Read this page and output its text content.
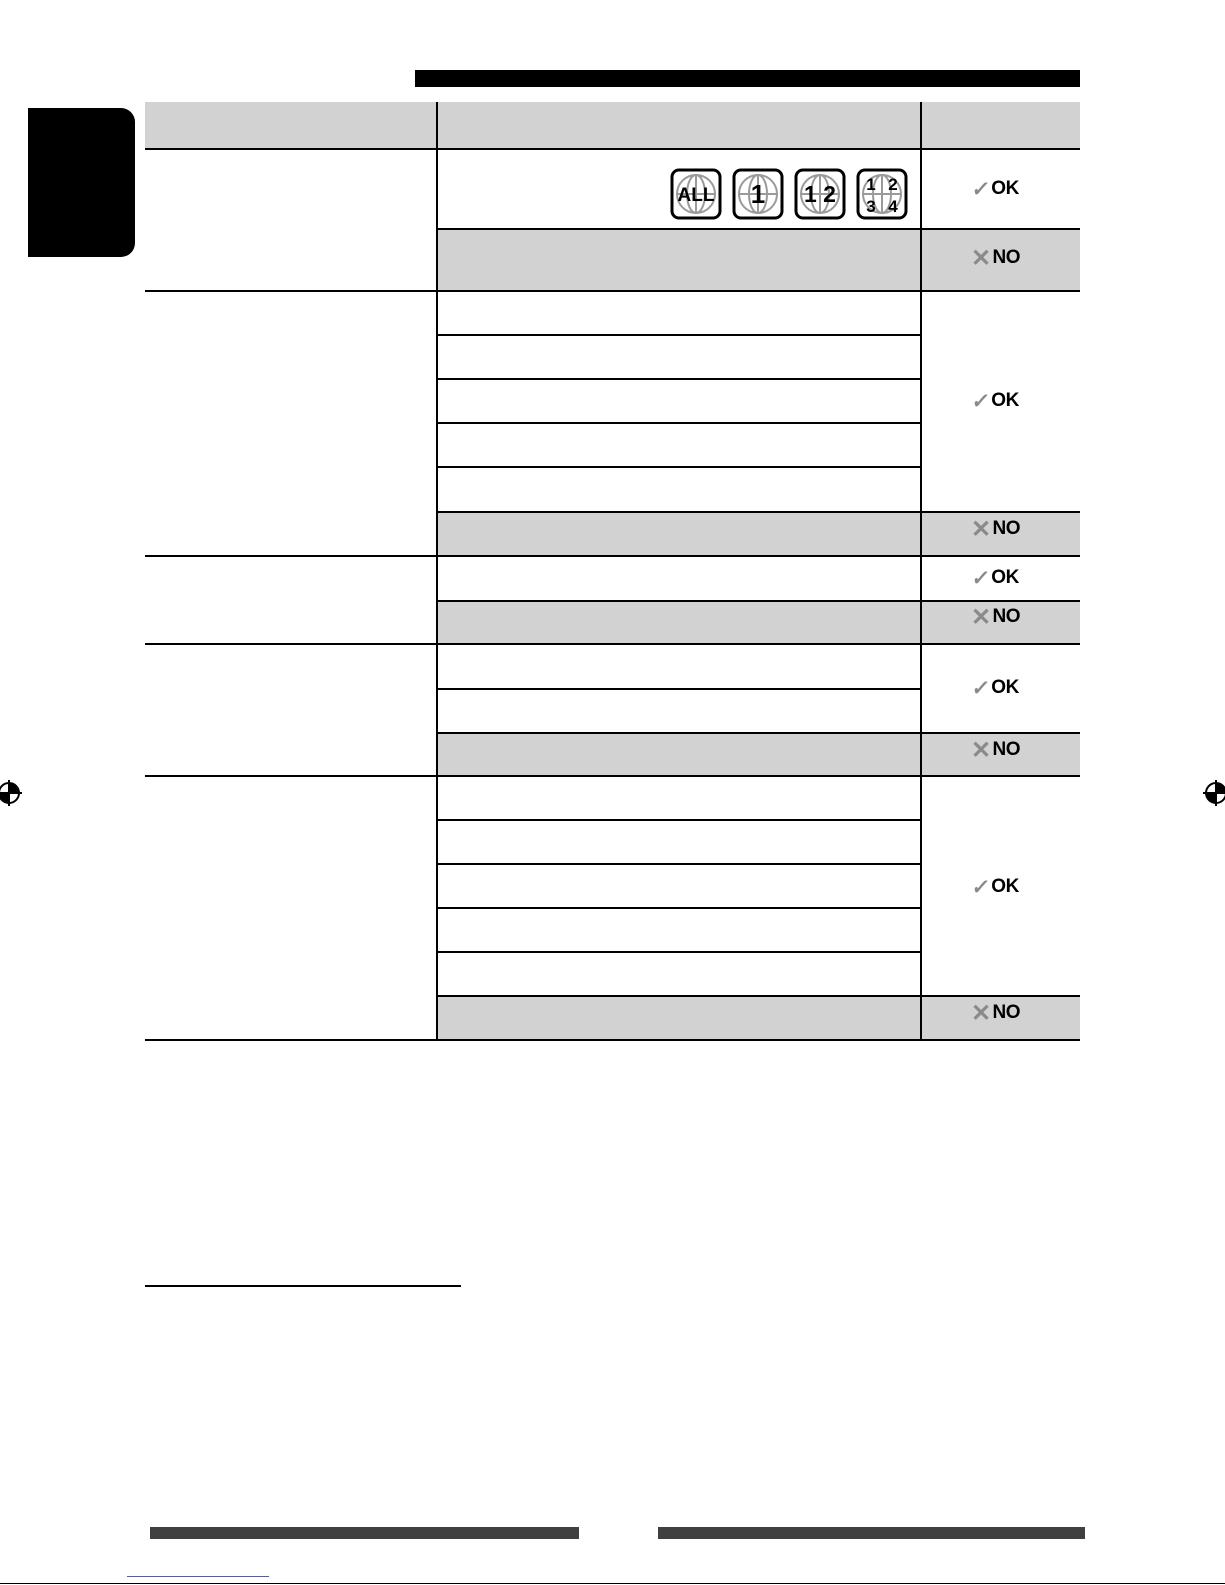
ALL 1 1 2 1 2
3 4
✓ OK
✓ OK
✓ OK
✓ OK
✓ OK
✕ NO
✕ NO
✕ NO
✕ NO
✕ NO
